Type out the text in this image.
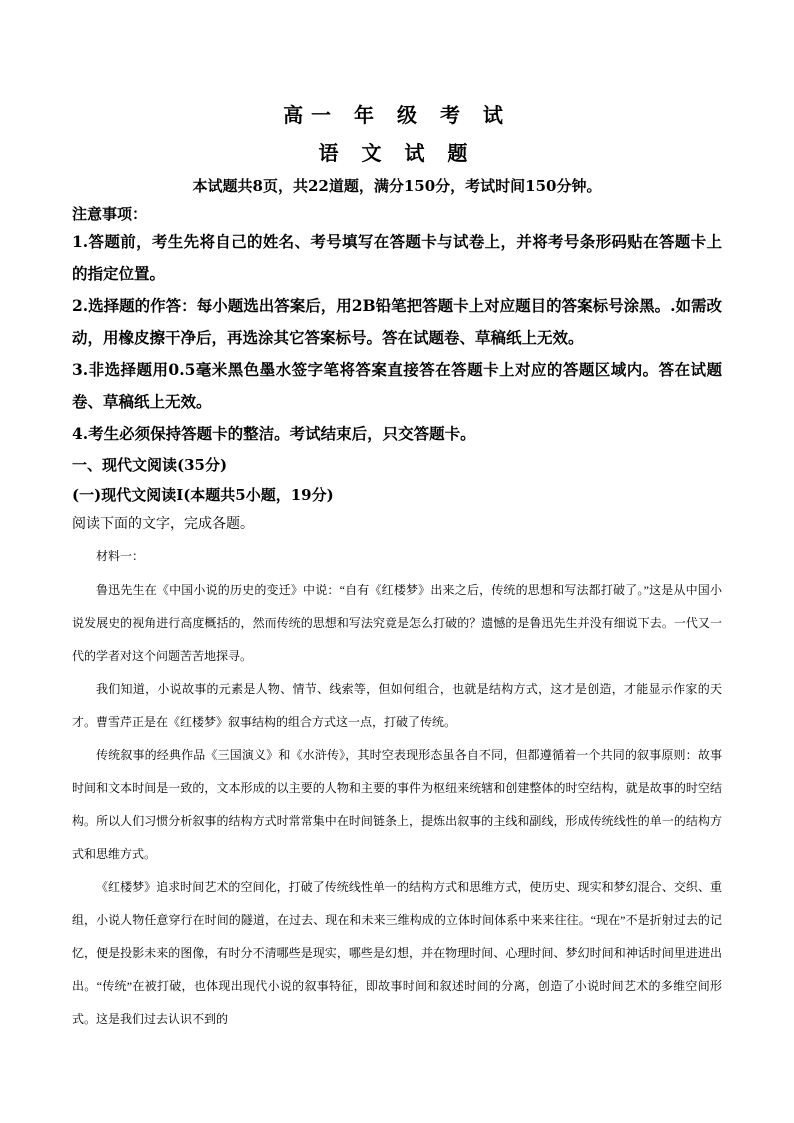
高一 年 级 考 试
语 文 试 题

本试题共8页，共22道题，满分150分，考试时间150分钟。

注意事项：

1.答题前，考生先将自己的姓名、考号填写在答题卡与试卷上，并将考号条形码贴在答题卡上的指定位置。

2.选择题的作答：每小题选出答案后，用2B铅笔把答题卡上对应题目的答案标号涂黑。.如需改动，用橡皮擦干净后，再选涂其它答案标号。答在试题卷、草稿纸上无效。

3.非选择题用0.5毫米黑色墨水签字笔将答案直接答在答题卡上对应的答题区域内。答在试题卷、草稿纸上无效。

4.考生必须保持答题卡的整洁。考试结束后，只交答题卡。

一、现代文阅读(35分)

(一)现代文阅读Ⅰ(本题共5小题，19分)

阅读下面的文字，完成各题。

材料一：

鲁迅先生在《中国小说的历史的变迁》中说：“自有《红楼梦》出来之后，传统的思想和写法都打破了。”这是从中国小说发展史的视角进行高度概括的，然而传统的思想和写法究竟是怎么打破的？遗憾的是鲁迅先生并没有细说下去。一代又一代的学者对这个问题苦苦地探寻。

我们知道，小说故事的元素是人物、情节、线索等，但如何组合，也就是结构方式，这才是创造，才能显示作家的天才。曹雪芹正是在《红楼梦》叙事结构的组合方式这一点，打破了传统。

传统叙事的经典作品《三国演义》和《水浒传》，其时空表现形态虽各自不同，但都遵循着一个共同的叙事原则：故事时间和文本时间是一致的，文本形成的以主要的人物和主要的事件为枢纽来统辖和创建整体的时空结构，就是故事的时空结构。所以人们习惯分析叙事的结构方式时常常集中在时间链条上，提炼出叙事的主线和副线，形成传统线性的单一的结构方式和思维方式。

《红楼梦》追求时间艺术的空间化，打破了传统线性单一的结构方式和思维方式，使历史、现实和梦幻混合、交织、重组，小说人物任意穿行在时间的隧道，在过去、现在和未来三维构成的立体时间体系中来来往往。“现在”不是折射过去的记忆，便是投影未来的图像，有时分不清哪些是现实，哪些是幻想，并在物理时间、心理时间、梦幻时间和神话时间里进进出出。“传统”在被打破，也体现出现代小说的叙事特征，即故事时间和叙述时间的分离，创造了小说时间艺术的多维空间形式。这是我们过去认识不到的
